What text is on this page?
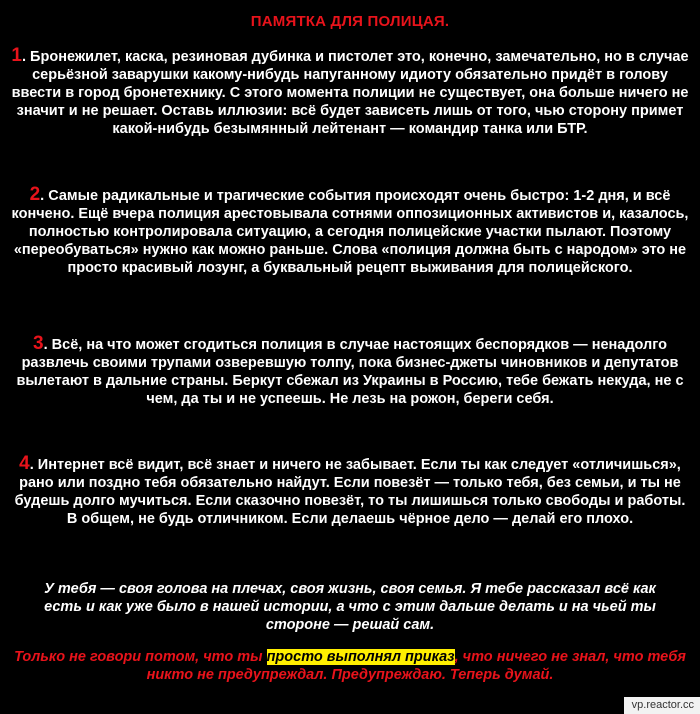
ПАМЯТКА ДЛЯ ПОЛИЦАЯ.

1. Бронежилет, каска, резиновая дубинка и пистолет это, конечно, замечательно, но в случае серьёзной заварушки какому-нибудь напуганному идиоту обязательно придёт в голову ввести в город бронетехнику. С этого момента полиции не существует, она больше ничего не значит и не решает. Оставь иллюзии: всё будет зависеть лишь от того, чью сторону примет какой-нибудь безымянный лейтенант — командир танка или БТР.

2. Самые радикальные и трагические события происходят очень быстро: 1-2 дня, и всё кончено. Ещё вчера полиция арестовывала сотнями оппозиционных активистов и, казалось, полностью контролировала ситуацию, а сегодня полицейские участки пылают. Поэтому «переобуваться» нужно как можно раньше. Слова «полиция должна быть с народом» это не просто красивый лозунг, а буквальный рецепт выживания для полицейского.

3. Всё, на что может сгодиться полиция в случае настоящих беспорядков — ненадолго развлечь своими трупами озверевшую толпу, пока бизнес-джеты чиновников и депутатов вылетают в дальние страны. Беркут сбежал из Украины в Россию, тебе бежать некуда, не с чем, да ты и не успеешь. Не лезь на рожон, береги себя.

4. Интернет всё видит, всё знает и ничего не забывает. Если ты как следует «отличишься», рано или поздно тебя обязательно найдут. Если повезёт — только тебя, без семьи, и ты не будешь долго мучиться. Если сказочно повезёт, то ты лишишься только свободы и работы. В общем, не будь отличником. Если делаешь чёрное дело — делай его плохо.

У тебя — своя голова на плечах, своя жизнь, своя семья. Я тебе рассказал всё как есть и как уже было в нашей истории, а что с этим дальше делать и на чьей ты стороне — решай сам.
Только не говори потом, что ты просто выполнял приказ, что ничего не знал, что тебя никто не предупреждал. Предупреждаю. Теперь думай.
vp.reactor.cc
